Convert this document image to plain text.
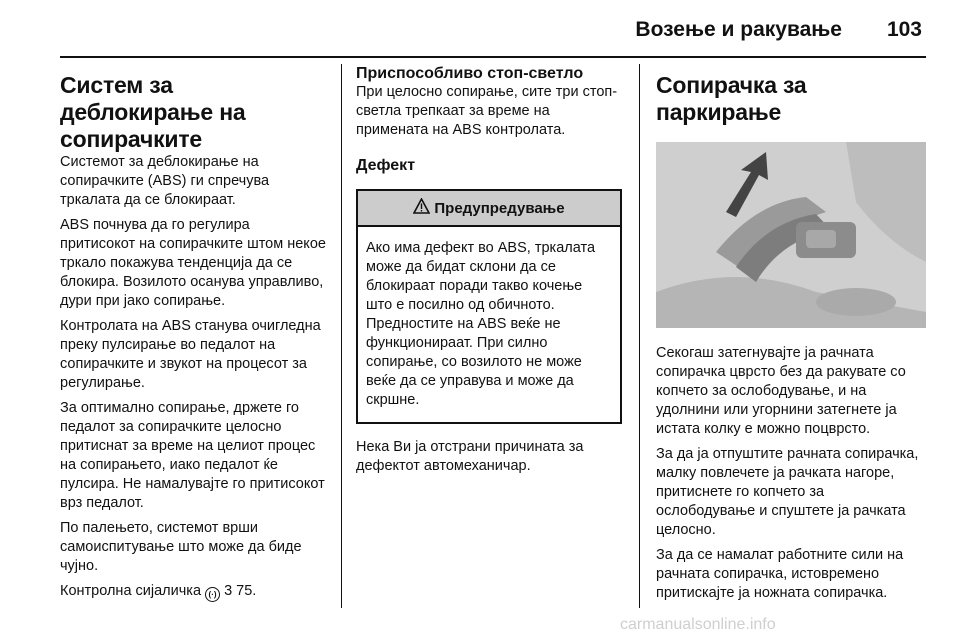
Возење и ракување 103
Систем за деблокирање на сопирачките

Системот за деблокирање на сопирачките (ABS) ги спречува тркалата да се блокираат.

ABS почнува да го регулира притисокот на сопирачките штом некое тркало покажува тенденција да се блокира. Возилото осанува управливо, дури при јако сопирање.

Контролата на ABS станува очигледна преку пулсирање во педалот на сопирачките и звукот на процесот за регулирање.

За оптимално сопирање, држете го педалот за сопирачките целосно притиснат за време на целиот процес на сопирањето, иако педалот ќе пулсира. Не намалувајте го притисокот врз педалот.

По палењето, системот врши самоиспитување што може да биде чујно.

Контролна сијаличка (·) 3 75.

Приспособливо стоп-светло

При целосно сопирање, сите три стоп-светла трепкаат за време на примената на ABS контролата.

Дефект
Предупредување

Ако има дефект во ABS, тркалата може да бидат склони да се блокираат поради такво кочење што е посилно од обичното. Предностите на ABS веќе не функционираат. При силно сопирање, со возилото не може веќе да се управува и може да скршне.

Нека Ви ја отстрани причината за дефектот автомеханичар.

Сопирачка за паркирање

Секогаш затегнувајте ја рачната сопирачка цврсто без да ракувате со копчето за ослободување, и на удолнини или угорнини затегнете ја истата колку е можно поцврсто.

За да ја отпуштите рачната сопирачка, малку повлечете ја рачката нагоре, притиснете го копчето за ослободување и спуштете ја рачката целосно.

За да се намалат работните сили на рачната сопирачка, истовремено притискајте ја ножната сопирачка.

carmanualsonline.info
